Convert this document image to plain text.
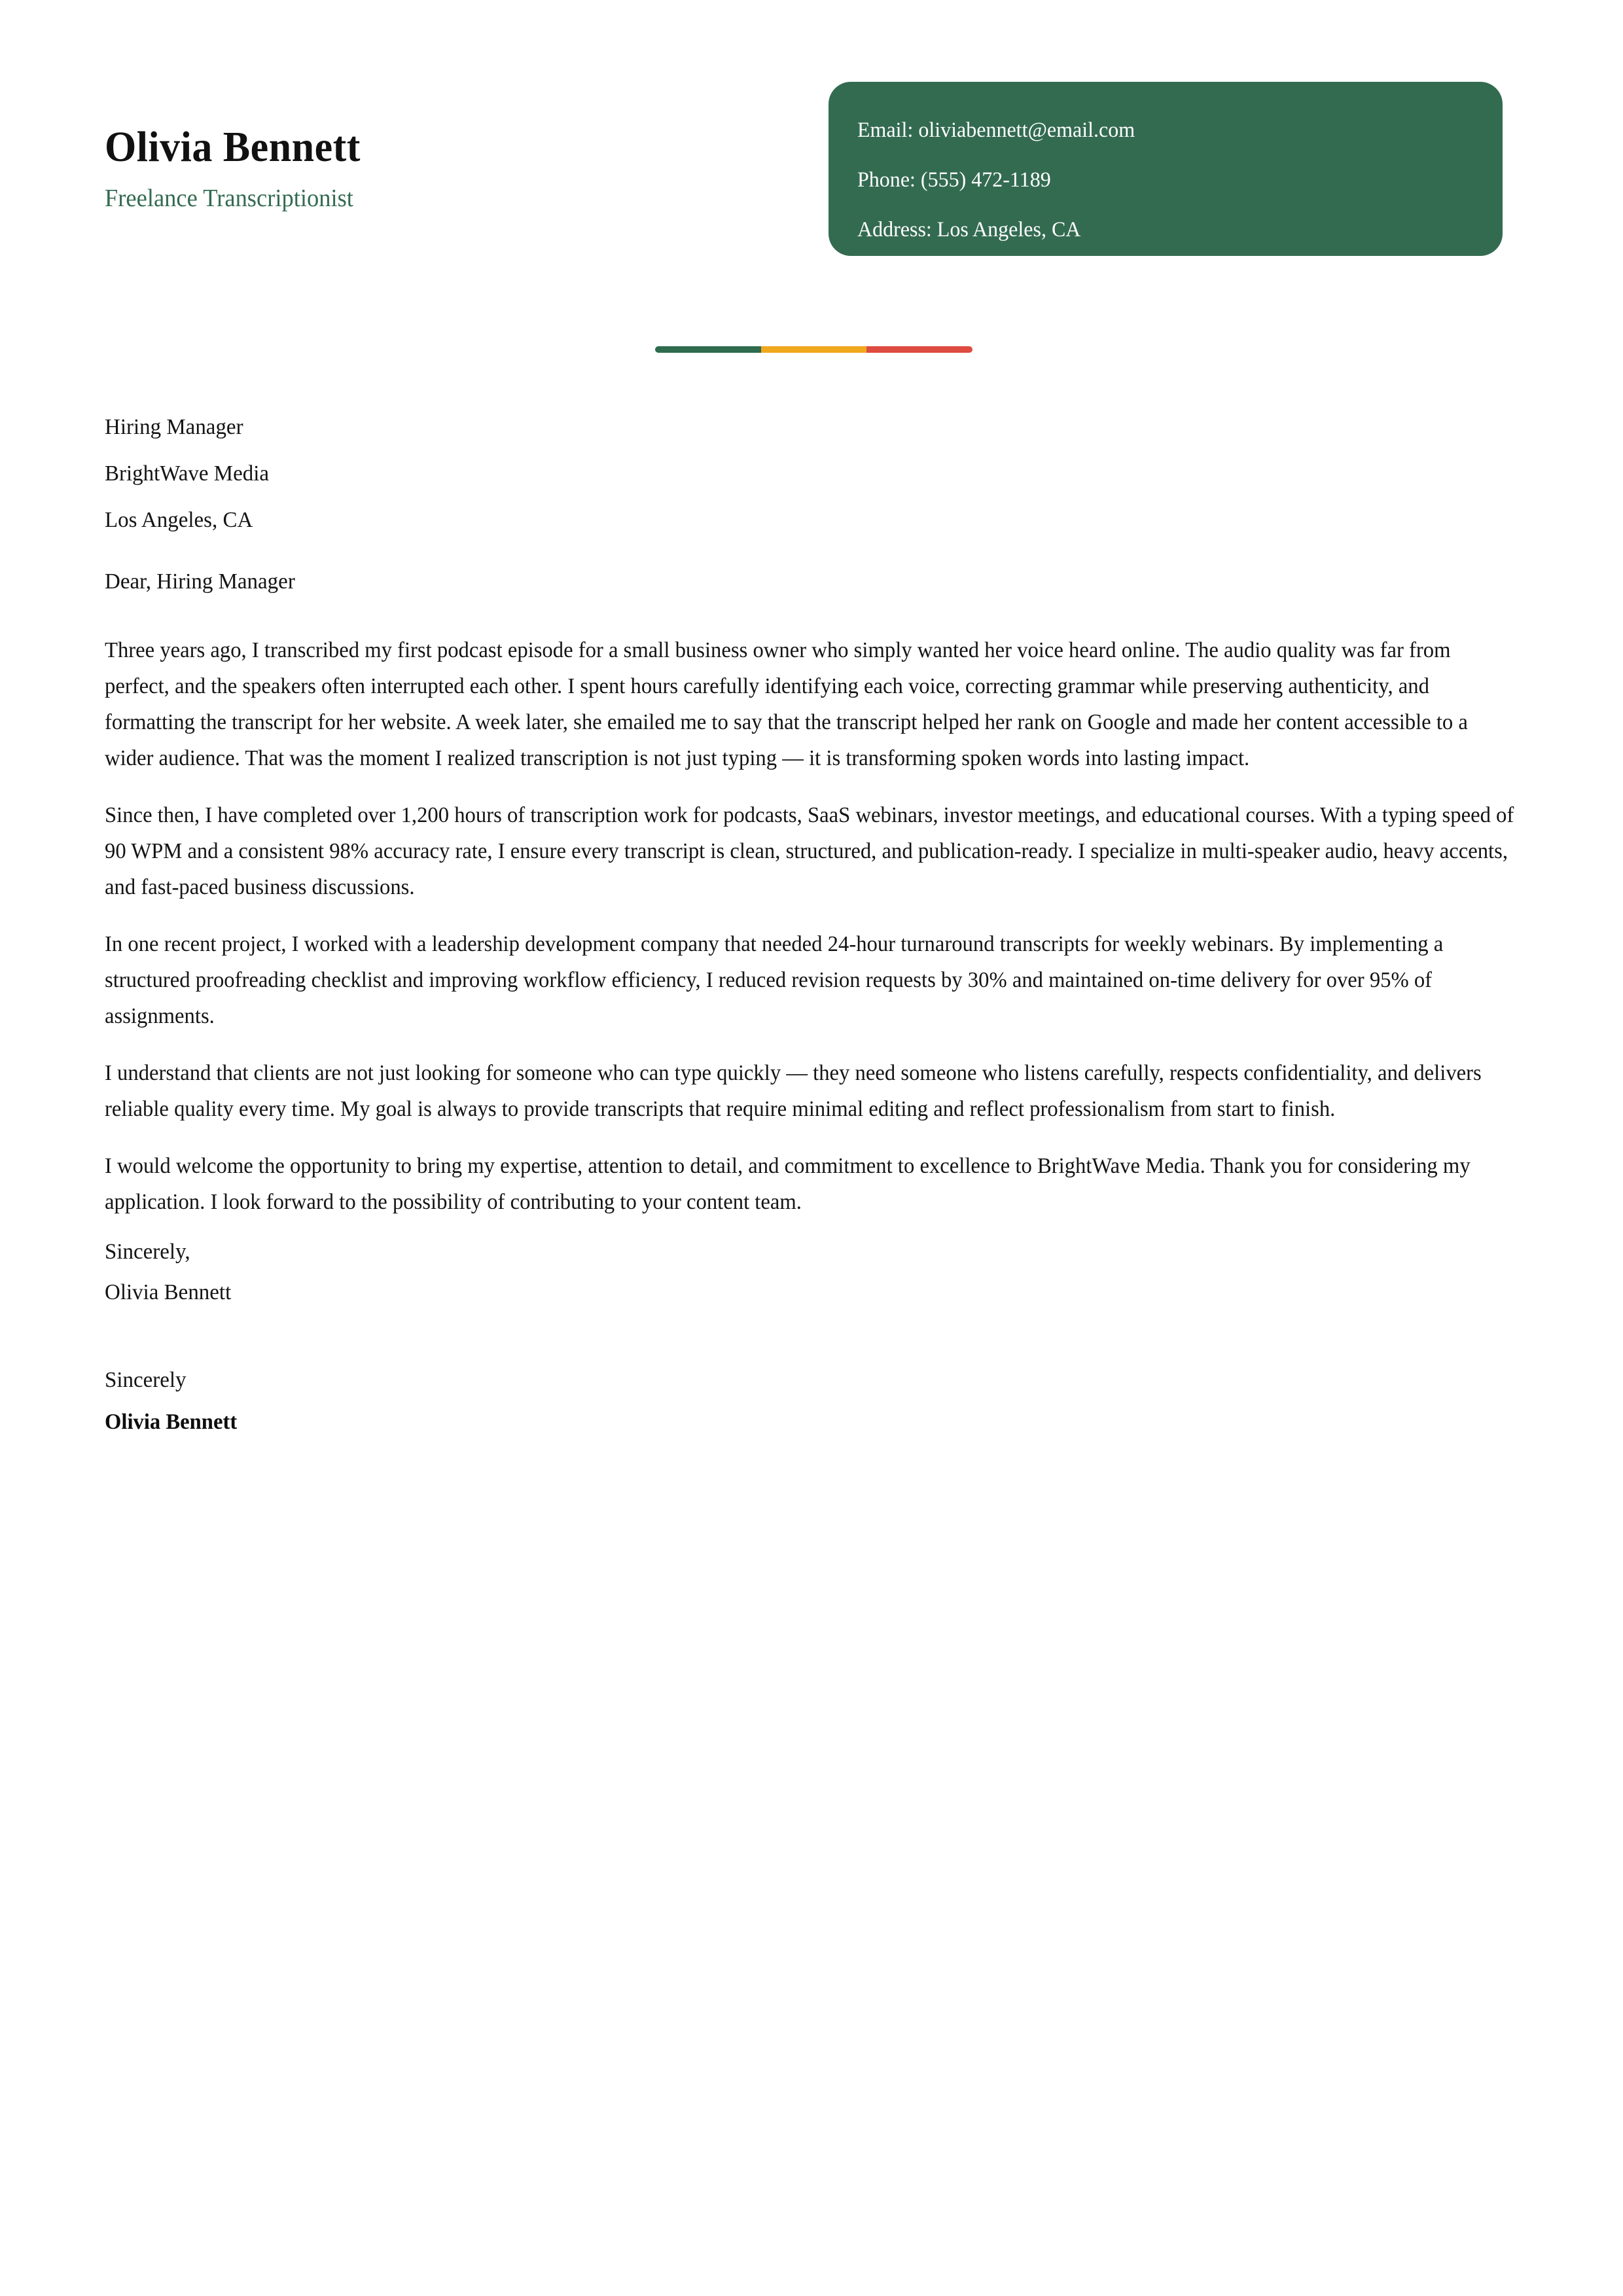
Olivia Bennett
Freelance Transcriptionist
Email: oliviabennett@email.com
Phone: (555) 472-1189
Address: Los Angeles, CA
Hiring Manager
BrightWave Media
Los Angeles, CA
Dear, Hiring Manager

Three years ago, I transcribed my first podcast episode for a small business owner who simply wanted her voice heard online. The audio quality was far from perfect, and the speakers often interrupted each other. I spent hours carefully identifying each voice, correcting grammar while preserving authenticity, and formatting the transcript for her website. A week later, she emailed me to say that the transcript helped her rank on Google and made her content accessible to a wider audience. That was the moment I realized transcription is not just typing — it is transforming spoken words into lasting impact.

Since then, I have completed over 1,200 hours of transcription work for podcasts, SaaS webinars, investor meetings, and educational courses. With a typing speed of 90 WPM and a consistent 98% accuracy rate, I ensure every transcript is clean, structured, and publication-ready. I specialize in multi-speaker audio, heavy accents, and fast-paced business discussions.

In one recent project, I worked with a leadership development company that needed 24-hour turnaround transcripts for weekly webinars. By implementing a structured proofreading checklist and improving workflow efficiency, I reduced revision requests by 30% and maintained on-time delivery for over 95% of assignments.

I understand that clients are not just looking for someone who can type quickly — they need someone who listens carefully, respects confidentiality, and delivers reliable quality every time. My goal is always to provide transcripts that require minimal editing and reflect professionalism from start to finish.

I would welcome the opportunity to bring my expertise, attention to detail, and commitment to excellence to BrightWave Media. Thank you for considering my application. I look forward to the possibility of contributing to your content team.

Sincerely,
Olivia Bennett
Sincerely
Olivia Bennett
